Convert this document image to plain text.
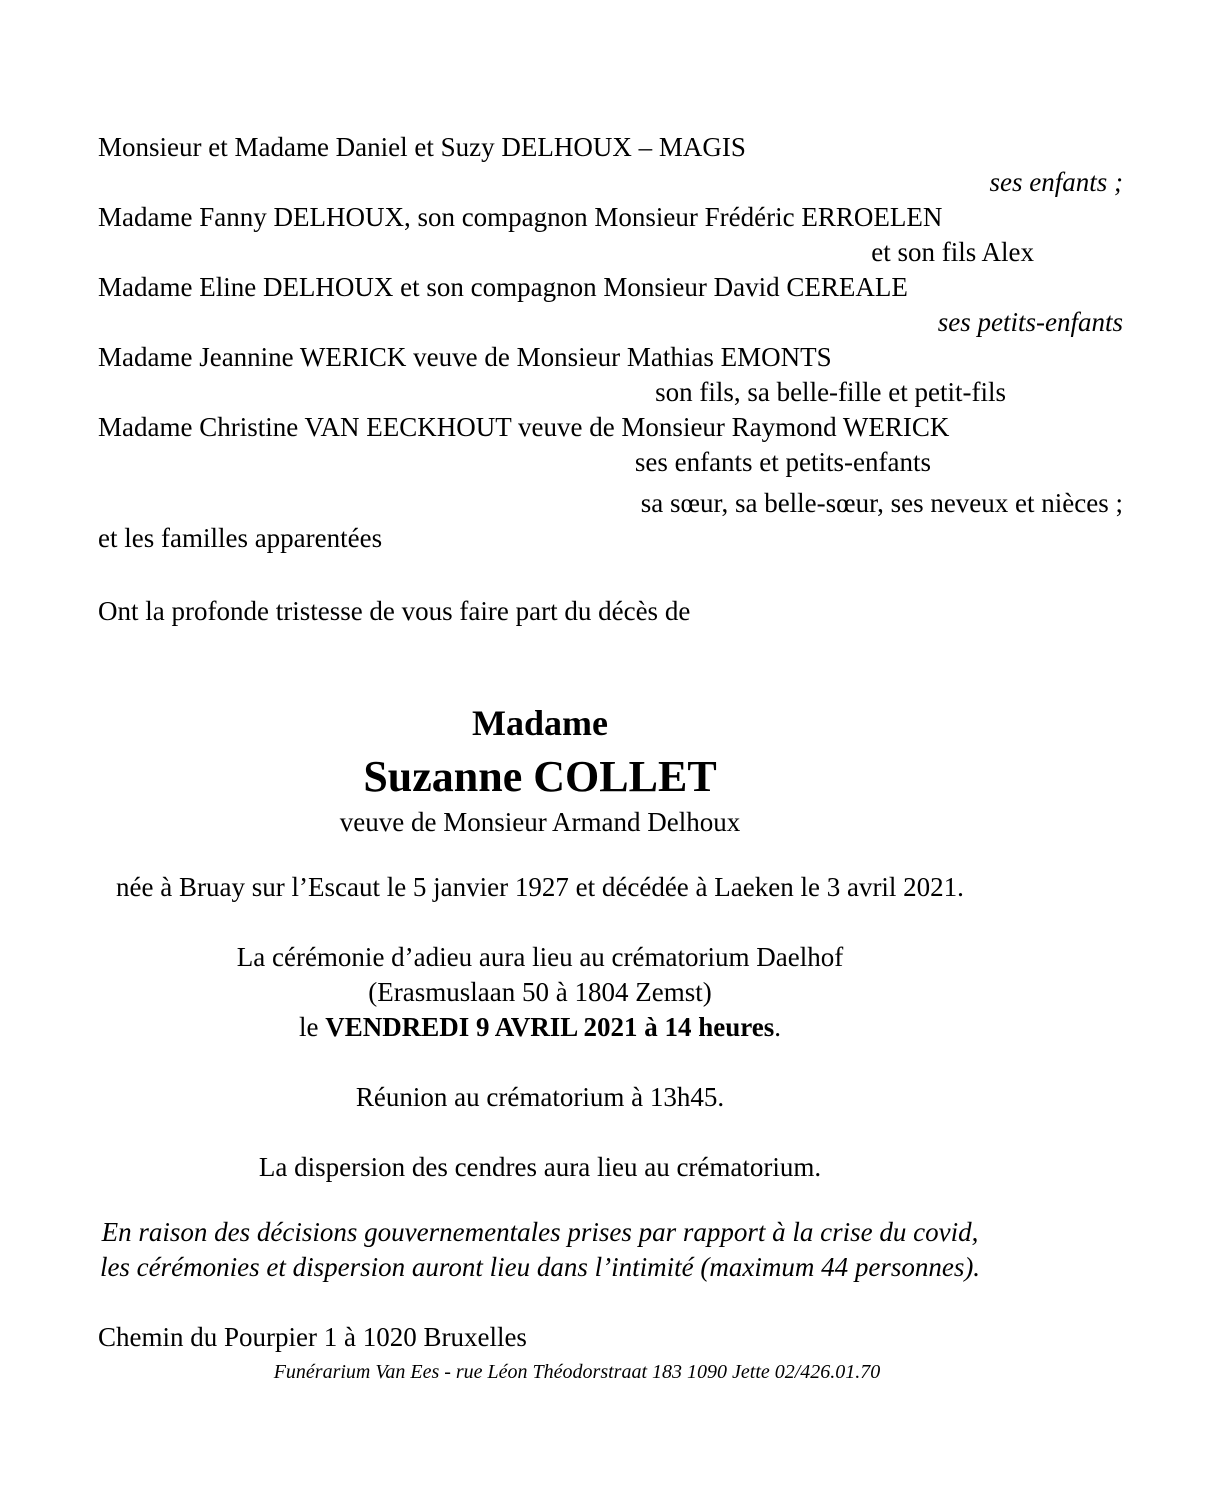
Monsieur et Madame Daniel et Suzy DELHOUX – MAGIS

ses enfants ;

Madame Fanny DELHOUX, son compagnon Monsieur Frédéric ERROELEN

et son fils Alex

Madame Eline DELHOUX et son compagnon Monsieur David CEREALE

ses petits-enfants

Madame Jeannine WERICK veuve de Monsieur Mathias EMONTS

son fils, sa belle-fille et petit-fils

Madame Christine VAN EECKHOUT veuve de Monsieur Raymond WERICK

ses enfants et petits-enfants

sa sœur, sa belle-sœur, ses neveux et nièces ;

et les familles apparentées

Ont la profonde tristesse de vous faire part du décès de

Madame

Suzanne COLLET

veuve de Monsieur Armand Delhoux

née à Bruay sur l’Escaut le 5 janvier 1927 et décédée à Laeken le 3 avril 2021.

La cérémonie d’adieu aura lieu au crématorium Daelhof

(Erasmuslaan 50 à 1804 Zemst)

le VENDREDI 9 AVRIL 2021 à 14 heures.

Réunion au crématorium à 13h45.

La dispersion des cendres aura lieu au crématorium.

En raison des décisions gouvernementales prises par rapport à la crise du covid,

les cérémonies et dispersion auront lieu dans l’intimité (maximum 44 personnes).

Chemin du Pourpier 1 à 1020 Bruxelles

Funérarium Van Ees - rue Léon Théodorstraat 183 1090 Jette 02/426.01.70
